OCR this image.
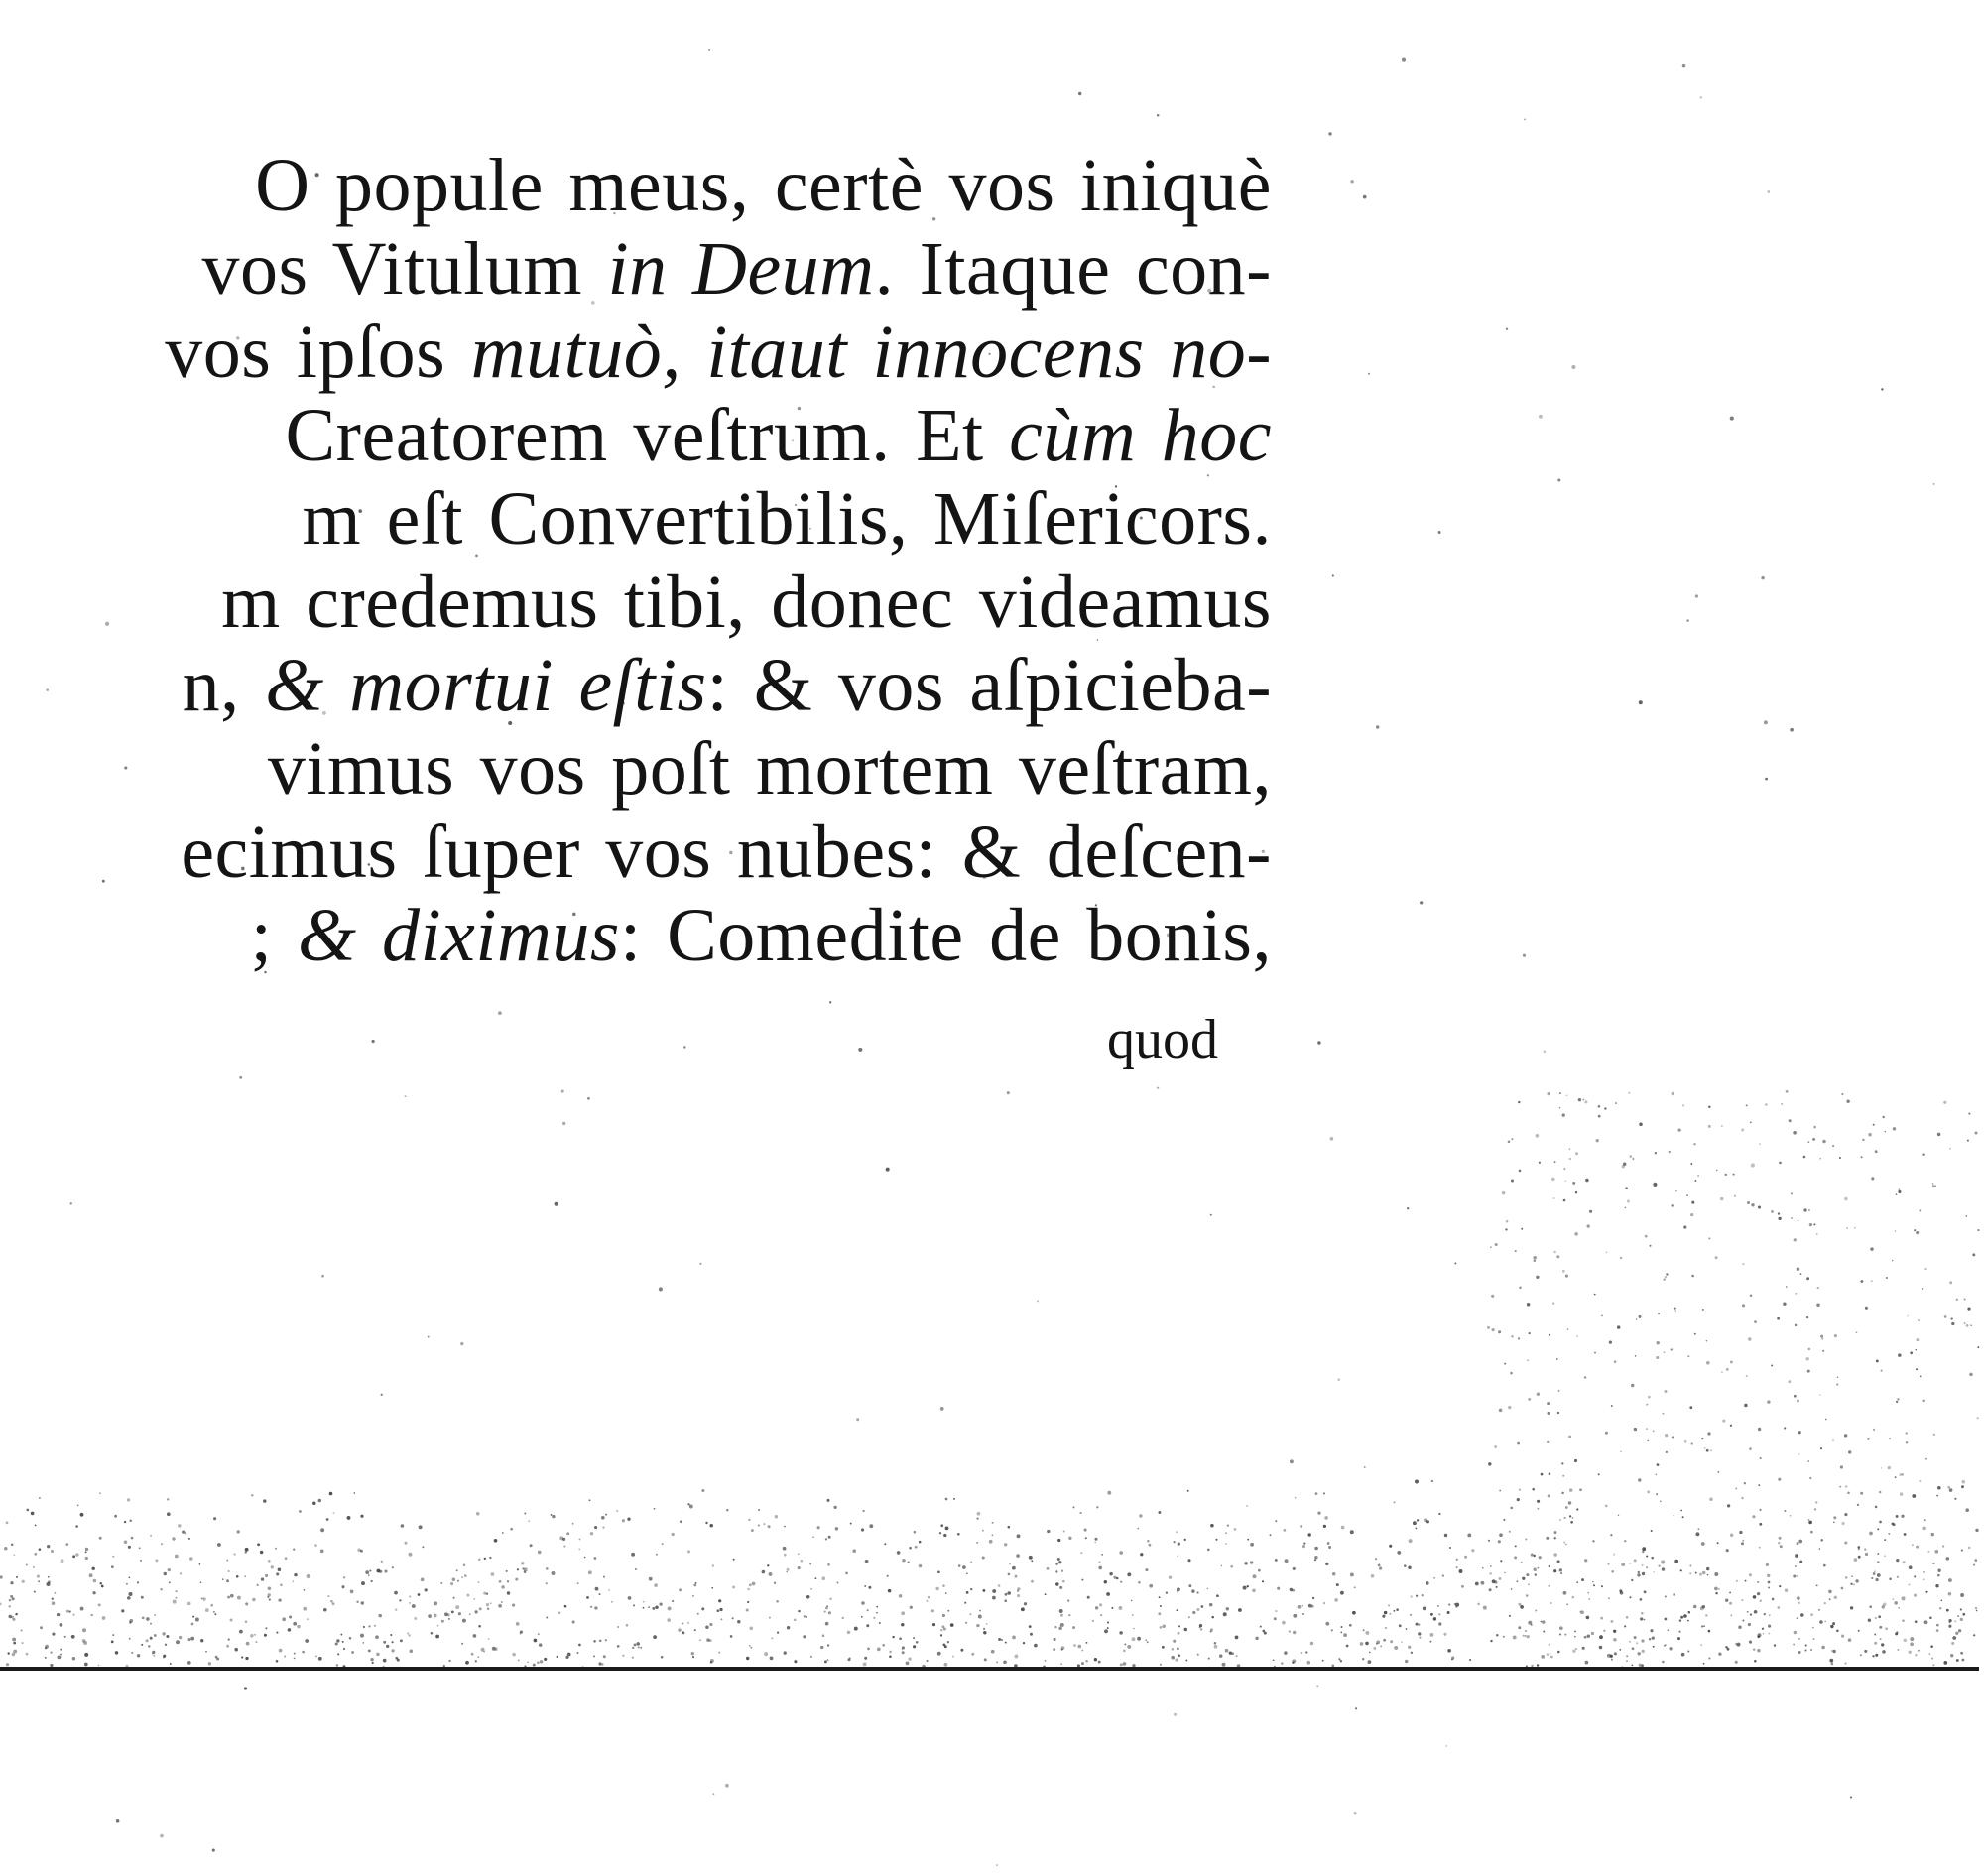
O popule meus, certè vos iniquè
vos Vitulum in Deum. Itaque con-
vos ipſos mutuò, itaut innocens no-
Creatorem veſtrum. Et cùm hoc
m eſt Convertibilis, Miſericors.
m credemus tibi, donec videamus
n, & mortui eſtis: & vos aſpicieba-
vimus vos poſt mortem veſtram,
ecimus ſuper vos nubes: & deſcen-
; & diximus: Comedite de bonis,
quod
